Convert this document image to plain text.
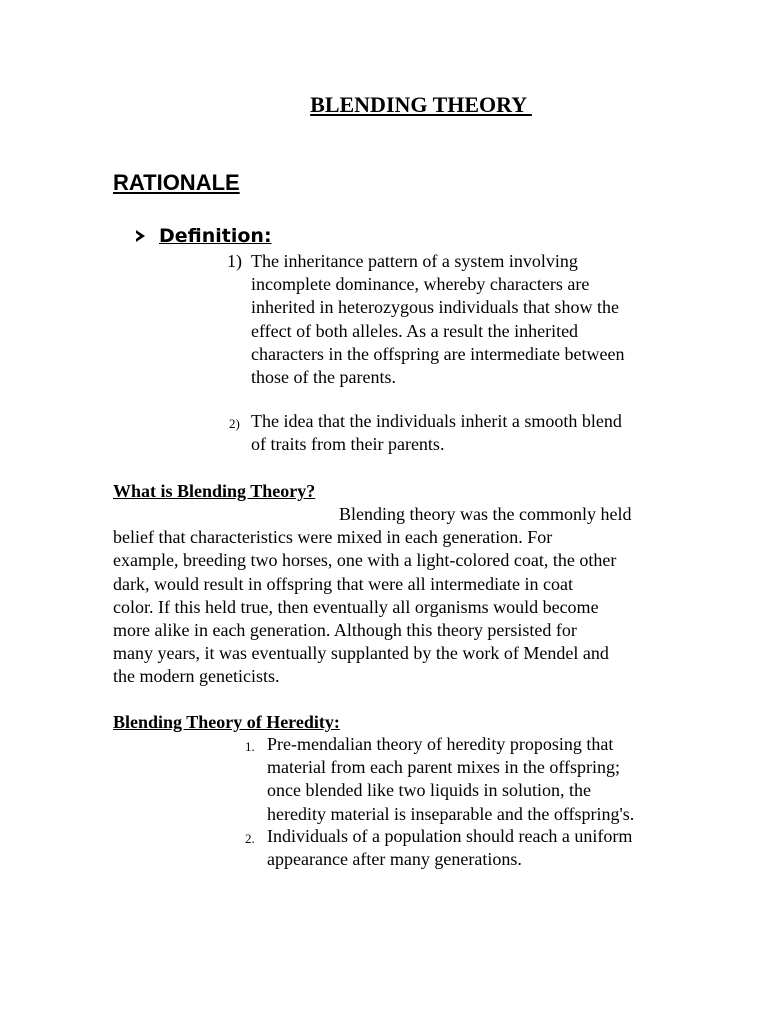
BLENDING THEORY
RATIONALE
Definition:
1) The inheritance pattern of a system involving
incomplete dominance, whereby characters are
inherited in heterozygous individuals that show the
effect of both alleles. As a result the inherited
characters in the offspring are intermediate between
those of the parents.
2) The idea that the individuals inherit a smooth blend
of traits from their parents.
What is Blending Theory?
Blending theory was the commonly held
belief that characteristics were mixed in each generation. For
example, breeding two horses, one with a light-colored coat, the other
dark, would result in offspring that were all intermediate in coat
color. If this held true, then eventually all organisms would become
more alike in each generation. Although this theory persisted for
many years, it was eventually supplanted by the work of Mendel and
the modern geneticists.
Blending Theory of Heredity:
1. Pre-mendalian theory of heredity proposing that
material from each parent mixes in the offspring;
once blended like two liquids in solution, the
heredity material is inseparable and the offspring's.
2. Individuals of a population should reach a uniform
appearance after many generations.
